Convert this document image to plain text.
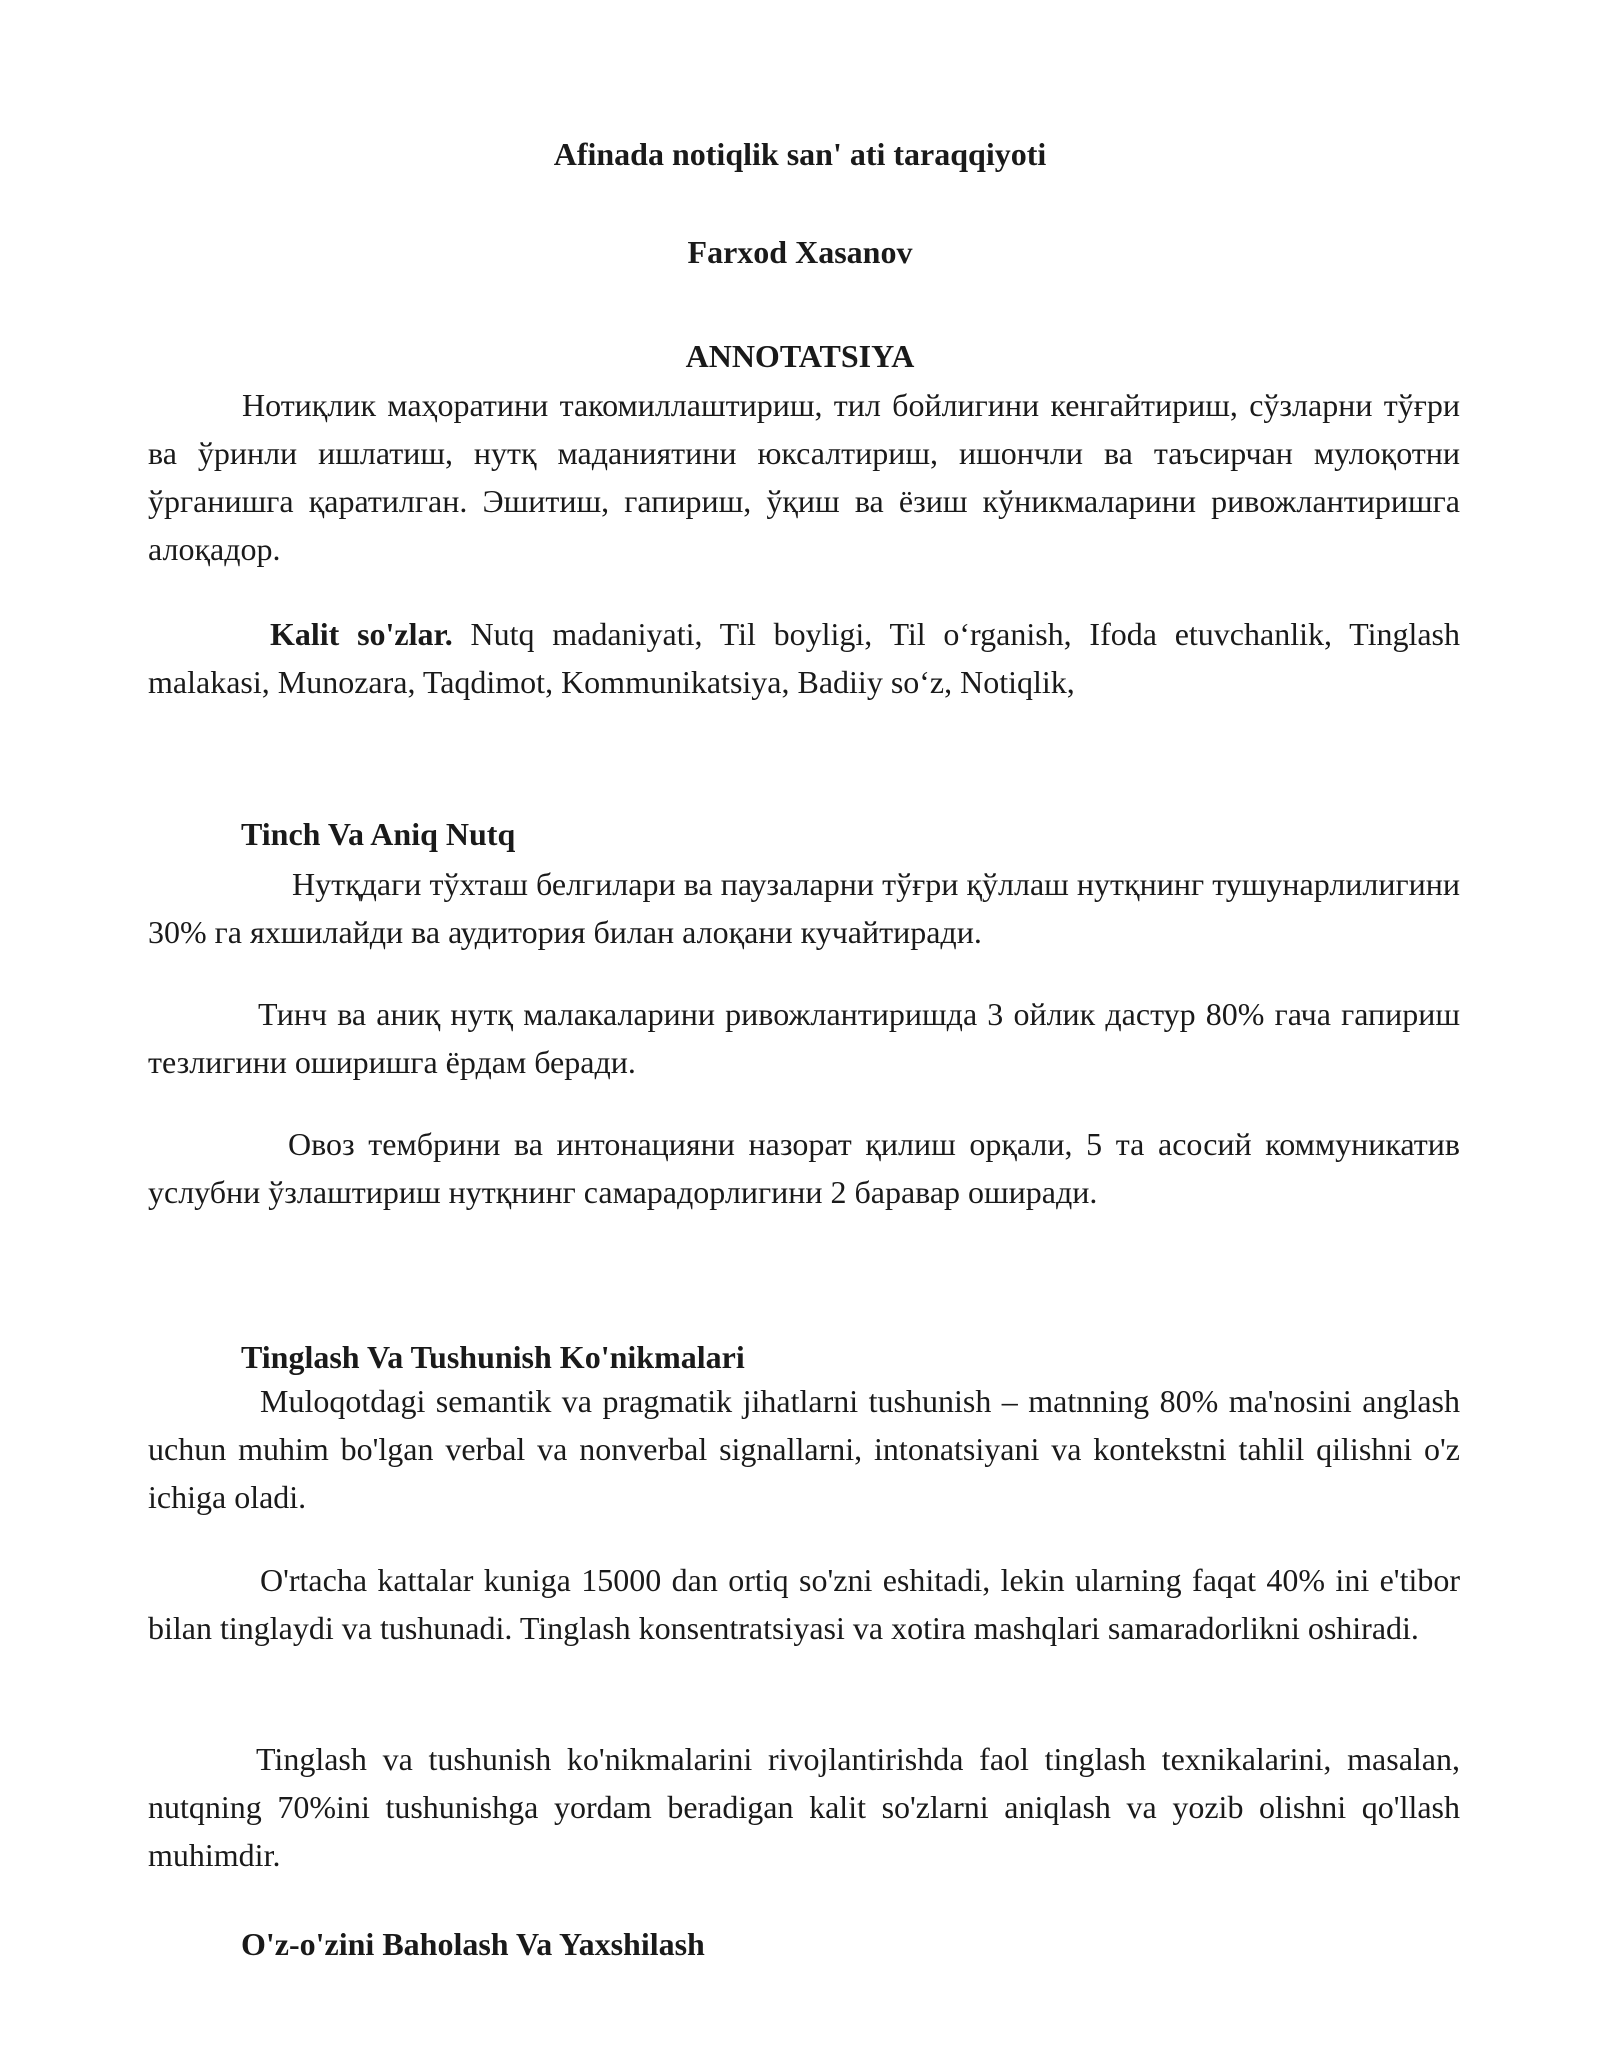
Afinada notiqlik san' ati taraqqiyoti
Farxod Xasanov
ANNOTATSIYA
Нотиқлик маҳоратини такомиллаштириш, тил бойлигини кенгайтириш, сўзларни тўғри ва ўринли ишлатиш, нутқ маданиятини юксалтириш, ишончли ва таъсирчан мулоқотни ўрганишга қаратилган. Эшитиш, гапириш, ўқиш ва ёзиш кўникмаларини ривожлантиришга алоқадор.
Kalit so'zlar. Nutq madaniyati, Til boyligi, Til o‘rganish, Ifoda etuvchanlik, Tinglash malakasi, Munozara, Taqdimot, Kommunikatsiya, Badiiy so‘z, Notiqlik,
Tinch Va Aniq Nutq
Нутқдаги тўхташ белгилари ва паузаларни тўғри қўллаш нутқнинг тушунарлилигини 30% га яхшилайди ва аудитория билан алоқани кучайтиради.
Тинч ва аниқ нутқ малакаларини ривожлантиришда 3 ойлик дастур 80% гача гапириш тезлигини оширишга ёрдам беради.
Овоз тембрини ва интонацияни назорат қилиш орқали, 5 та асосий коммуникатив услубни ўзлаштириш нутқнинг самарадорлигини 2 баравар оширади.
Tinglash Va Tushunish Ko'nikmalari
Muloqotdagi semantik va pragmatik jihatlarni tushunish – matnning 80% ma'nosini anglash uchun muhim bo'lgan verbal va nonverbal signallarni, intonatsiyani va kontekstni tahlil qilishni o'z ichiga oladi.
O'rtacha kattalar kuniga 15000 dan ortiq so'zni eshitadi, lekin ularning faqat 40% ini e'tibor bilan tinglaydi va tushunadi. Tinglash konsentratsiyasi va xotira mashqlari samaradorlikni oshiradi.
Tinglash va tushunish ko'nikmalarini rivojlantirishda faol tinglash texnikalarini, masalan, nutqning 70%ini tushunishga yordam beradigan kalit so'zlarni aniqlash va yozib olishni qo'llash muhimdir.
O'z-o'zini Baholash Va Yaxshilash
